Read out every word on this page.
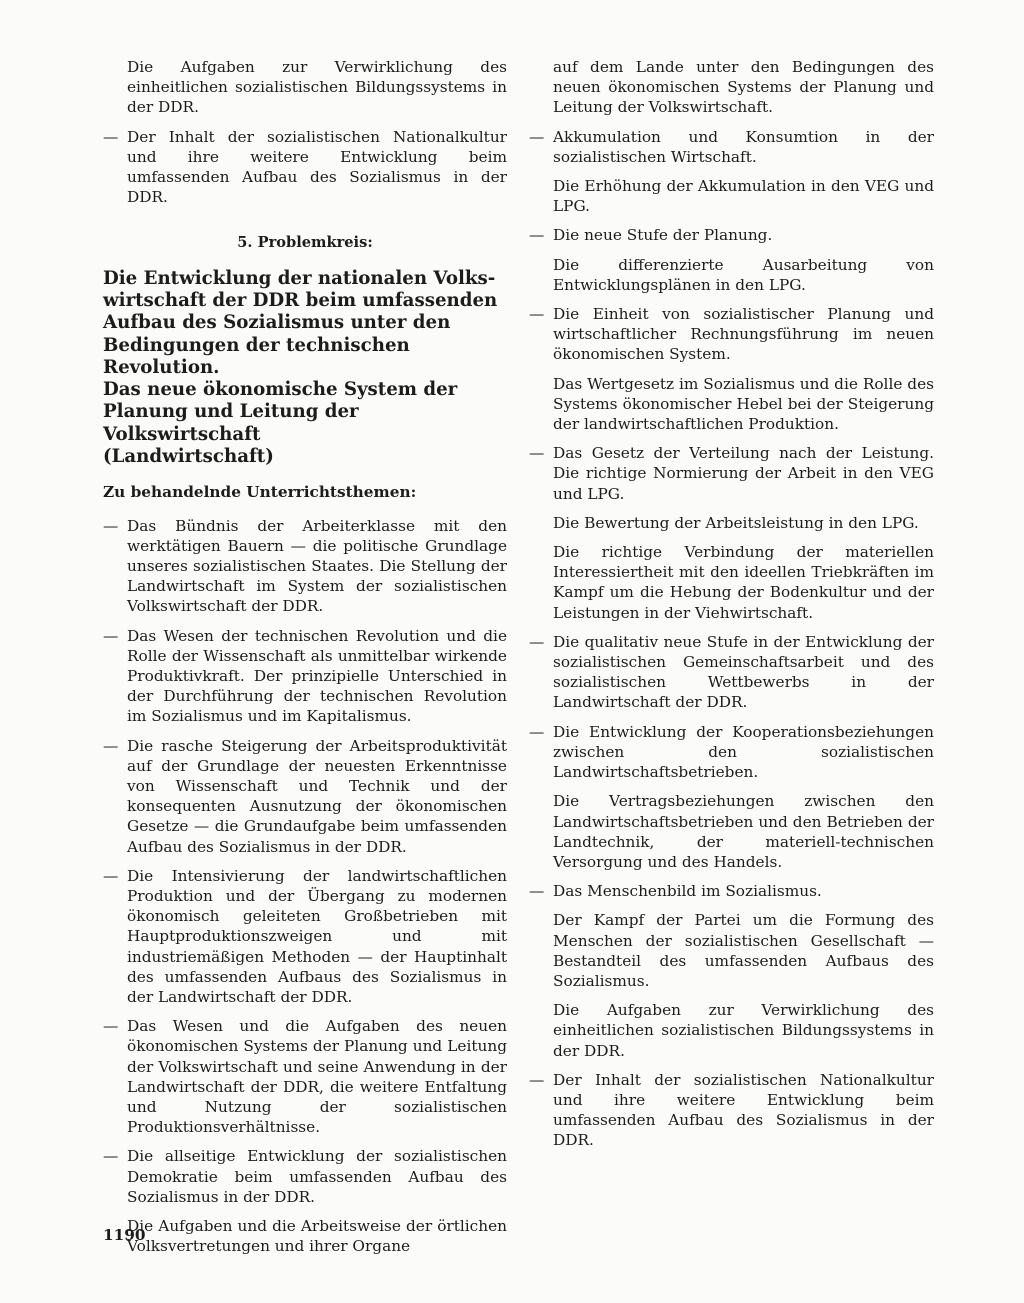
Die Aufgaben zur Verwirklichung des einheitlichen sozialistischen Bildungssystems in der DDR.

— Der Inhalt der sozialistischen Nationalkultur und ihre weitere Entwicklung beim umfassenden Aufbau des Sozialismus in der DDR.

5. Problemkreis:
Die Entwicklung der nationalen Volks-
wirtschaft der DDR beim umfassenden
Aufbau des Sozialismus unter den
Bedingungen der technischen Revolution.
Das neue ökonomische System der
Planung und Leitung der Volkswirtschaft
(Landwirtschaft)
Zu behandelnde Unterrichtsthemen:
— Das Bündnis der Arbeiterklasse mit den werktätigen Bauern — die politische Grundlage unseres sozialistischen Staates. Die Stellung der Landwirtschaft im System der sozialistischen Volkswirtschaft der DDR.

— Das Wesen der technischen Revolution und die Rolle der Wissenschaft als unmittelbar wirkende Produktivkraft. Der prinzipielle Unterschied in der Durchführung der technischen Revolution im Sozialismus und im Kapitalismus.

— Die rasche Steigerung der Arbeitsproduktivität auf der Grundlage der neuesten Erkenntnisse von Wissenschaft und Technik und der konsequenten Ausnutzung der ökonomischen Gesetze — die Grundaufgabe beim umfassenden Aufbau des Sozialismus in der DDR.

— Die Intensivierung der landwirtschaftlichen Produktion und der Übergang zu modernen ökonomisch geleiteten Großbetrieben mit Hauptproduktionszweigen und mit industriemäßigen Methoden — der Hauptinhalt des umfassenden Aufbaus des Sozialismus in der Landwirtschaft der DDR.

— Das Wesen und die Aufgaben des neuen ökonomischen Systems der Planung und Leitung der Volkswirtschaft und seine Anwendung in der Landwirtschaft der DDR, die weitere Entfaltung und Nutzung der sozialistischen Produktionsverhältnisse.

— Die allseitige Entwicklung der sozialistischen Demokratie beim umfassenden Aufbau des Sozialismus in der DDR.

Die Aufgaben und die Arbeitsweise der örtlichen Volksvertretungen und ihrer Organe

auf dem Lande unter den Bedingungen des neuen ökonomischen Systems der Planung und Leitung der Volkswirtschaft.

— Akkumulation und Konsumtion in der sozialistischen Wirtschaft.

Die Erhöhung der Akkumulation in den VEG und LPG.

— Die neue Stufe der Planung.

Die differenzierte Ausarbeitung von Entwicklungsplänen in den LPG.

— Die Einheit von sozialistischer Planung und wirtschaftlicher Rechnungsführung im neuen ökonomischen System.

Das Wertgesetz im Sozialismus und die Rolle des Systems ökonomischer Hebel bei der Steigerung der landwirtschaftlichen Produktion.

— Das Gesetz der Verteilung nach der Leistung. Die richtige Normierung der Arbeit in den VEG und LPG.

Die Bewertung der Arbeitsleistung in den LPG.

Die richtige Verbindung der materiellen Interessiertheit mit den ideellen Triebkräften im Kampf um die Hebung der Bodenkultur und der Leistungen in der Viehwirtschaft.

— Die qualitativ neue Stufe in der Entwicklung der sozialistischen Gemeinschaftsarbeit und des sozialistischen Wettbewerbs in der Landwirtschaft der DDR.

— Die Entwicklung der Kooperationsbeziehungen zwischen den sozialistischen Landwirtschaftsbetrieben.

Die Vertragsbeziehungen zwischen den Landwirtschaftsbetrieben und den Betrieben der Landtechnik, der materiell-technischen Versorgung und des Handels.

— Das Menschenbild im Sozialismus.

Der Kampf der Partei um die Formung des Menschen der sozialistischen Gesellschaft — Bestandteil des umfassenden Aufbaus des Sozialismus.

Die Aufgaben zur Verwirklichung des einheitlichen sozialistischen Bildungssystems in der DDR.

— Der Inhalt der sozialistischen Nationalkultur und ihre weitere Entwicklung beim umfassenden Aufbau des Sozialismus in der DDR.

1190
